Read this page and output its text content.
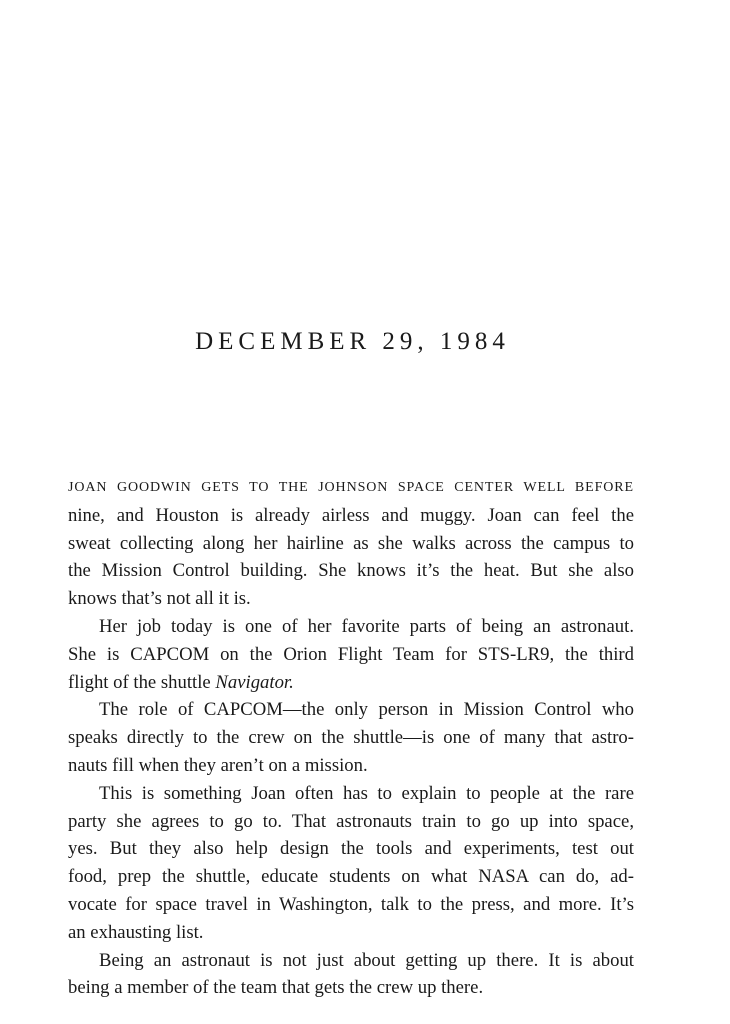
DECEMBER 29, 1984

JOAN GOODWIN GETS TO THE JOHNSON SPACE CENTER WELL BEFORE
nine, and Houston is already airless and muggy. Joan can feel the
sweat collecting along her hairline as she walks across the campus to
the Mission Control building. She knows it’s the heat. But she also
knows that’s not all it is.

Her job today is one of her favorite parts of being an astronaut.
She is CAPCOM on the Orion Flight Team for STS-LR9, the third
flight of the shuttle Navigator.

The role of CAPCOM—the only person in Mission Control who
speaks directly to the crew on the shuttle—is one of many that astro-
nauts fill when they aren’t on a mission.

This is something Joan often has to explain to people at the rare
party she agrees to go to. That astronauts train to go up into space,
yes. But they also help design the tools and experiments, test out
food, prep the shuttle, educate students on what NASA can do, ad-
vocate for space travel in Washington, talk to the press, and more. It’s
an exhausting list.

Being an astronaut is not just about getting up there. It is about
being a member of the team that gets the crew up there.
